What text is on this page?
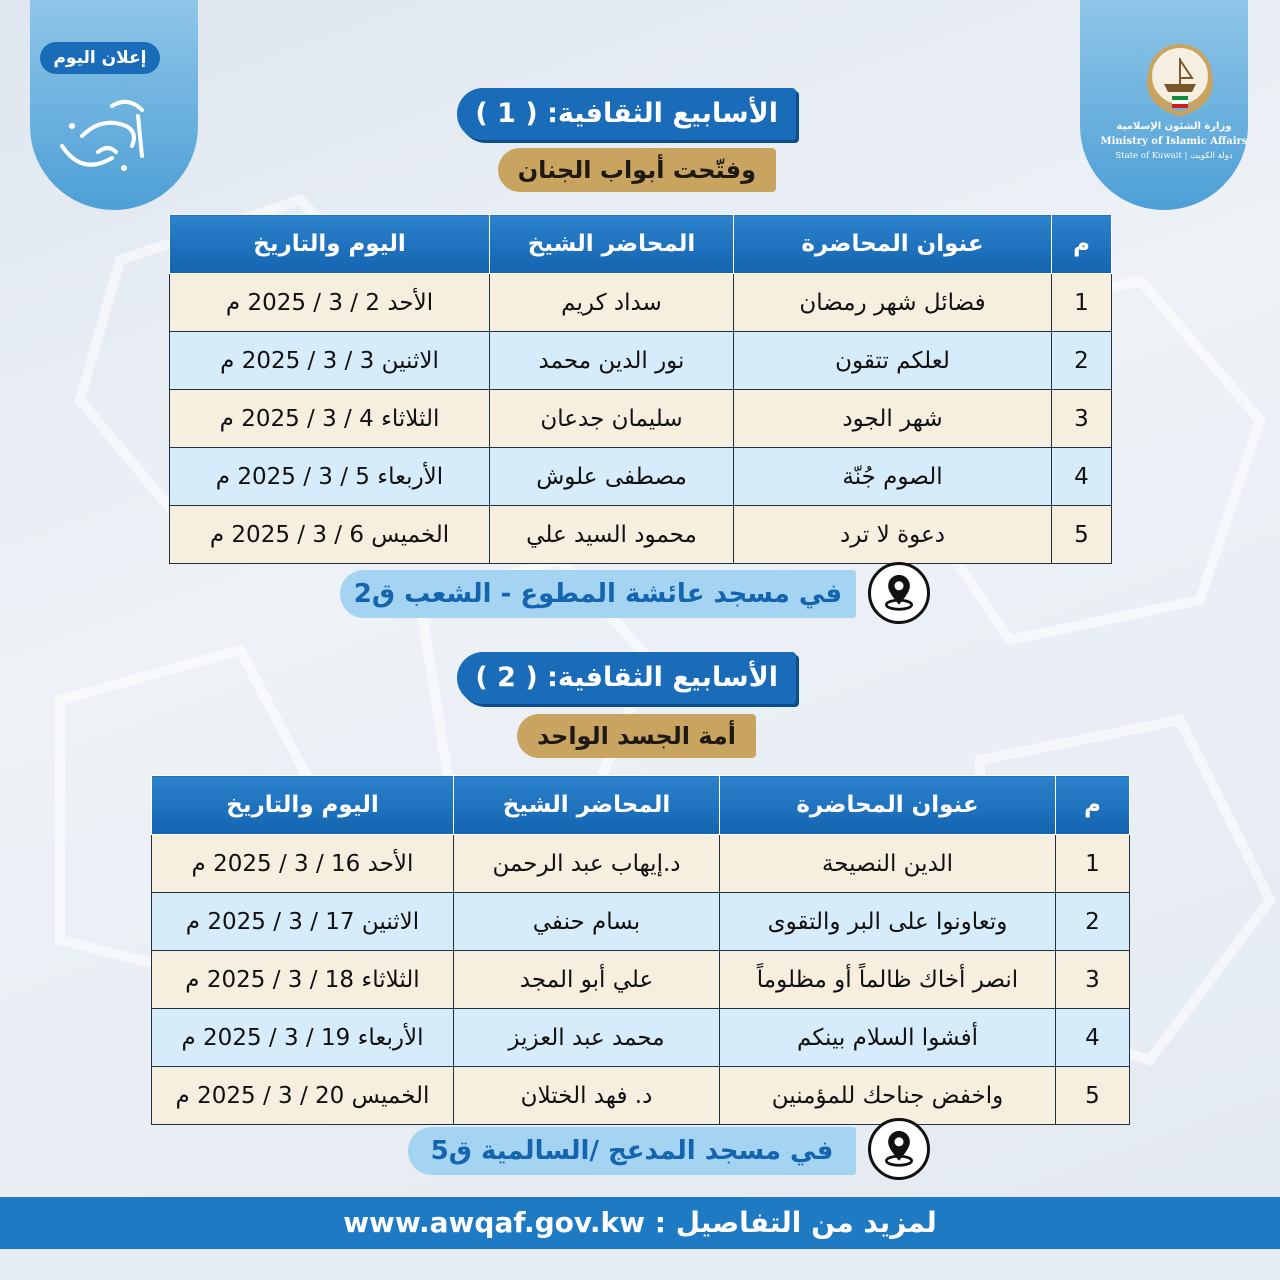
إعلان اليوم
وزارة الشئون الإسلامية
Ministry of Islamic Affairs
State of Kuwait | دولة الكويت
الأسابيع الثقافية: ( 1 )
وفتّحت أبواب الجنان
م	عنوان المحاضرة	المحاضر الشيخ	اليوم والتاريخ
1	فضائل شهر رمضان	سداد كريم	الأحد 2 / 3 / 2025 م
2	لعلكم تتقون	نور الدين محمد	الاثنين 3 / 3 / 2025 م
3	شهر الجود	سليمان جدعان	الثلاثاء 4 / 3 / 2025 م
4	الصوم جُنّة	مصطفى علوش	الأربعاء 5 / 3 / 2025 م
5	دعوة لا ترد	محمود السيد علي	الخميس 6 / 3 / 2025 م
في مسجد عائشة المطوع - الشعب ق2
الأسابيع الثقافية: ( 2 )
أمة الجسد الواحد
م	عنوان المحاضرة	المحاضر الشيخ	اليوم والتاريخ
1	الدين النصيحة	د.إيهاب عبد الرحمن	الأحد 16 / 3 / 2025 م
2	وتعاونوا على البر والتقوى	بسام حنفي	الاثنين 17 / 3 / 2025 م
3	انصر أخاك ظالماً أو مظلوماً	علي أبو المجد	الثلاثاء 18 / 3 / 2025 م
4	أفشوا السلام بينكم	محمد عبد العزيز	الأربعاء 19 / 3 / 2025 م
5	واخفض جناحك للمؤمنين	د. فهد الختلان	الخميس 20 / 3 / 2025 م
في مسجد المدعج /السالمية ق5
لمزيد من التفاصيل : www.awqaf.gov.kw
